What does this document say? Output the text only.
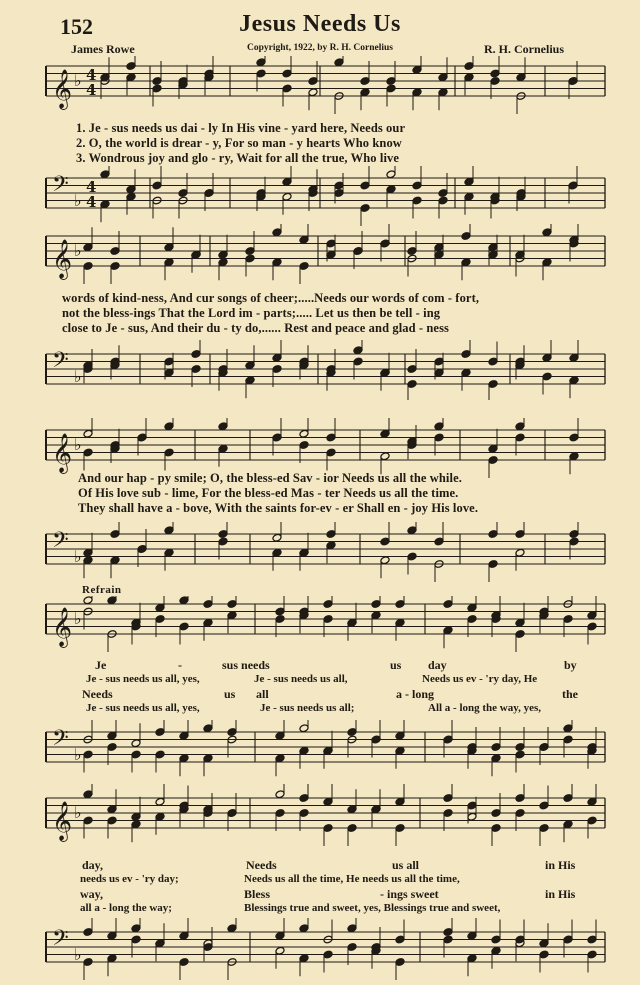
152	Jesus Needs Us
James Rowe	Copyright, 1922, by R. H. Cornelius	R. H. Cornelius
𝄞 ♭ 4
4
1. Je - sus needs us dai - ly In His vine - yard here, Needs our
2. O, the world is drear - y, For so man - y hearts Who know
3. Wondrous joy and glo - ry, Wait for all the true, Who live
𝄢 ♭
4
4
𝄞 ♭
words of kind-ness, And cur songs of cheer;.....Needs our words of com - fort,
not the bless-ings That the Lord im - parts;..... Let us then be tell - ing
close to Je - sus, And their du - ty do,...... Rest and peace and glad - ness
𝄢 ♭
𝄞 ♭
And our hap - py smile; O, the bless-ed Sav - ior Needs us all the while.
Of His love sub - lime, For the bless-ed Mas - ter Needs us all the time.
They shall have a - bove, With the saints for-ev - er Shall en - joy His love.
𝄢 ♭
Refrain
𝄞 ♭
Je	-	sus needs	us day	by
Je - sus needs us all, yes,	Je - sus needs us all,	Needs us ev - 'ry day, He
Needs	us all	a - long	the
Je - sus needs us all, yes,	Je - sus needs us all;	All a - long the way, yes,
𝄢 ♭
𝄞 ♭
day,	Needs	us all	in His
needs us ev - 'ry day;	Needs us all the time, He needs us all the time,
way,	Bless	- ings sweet	in His
all a - long the way;	Blessings true and sweet, yes, Blessings true and sweet,
𝄢 ♭
